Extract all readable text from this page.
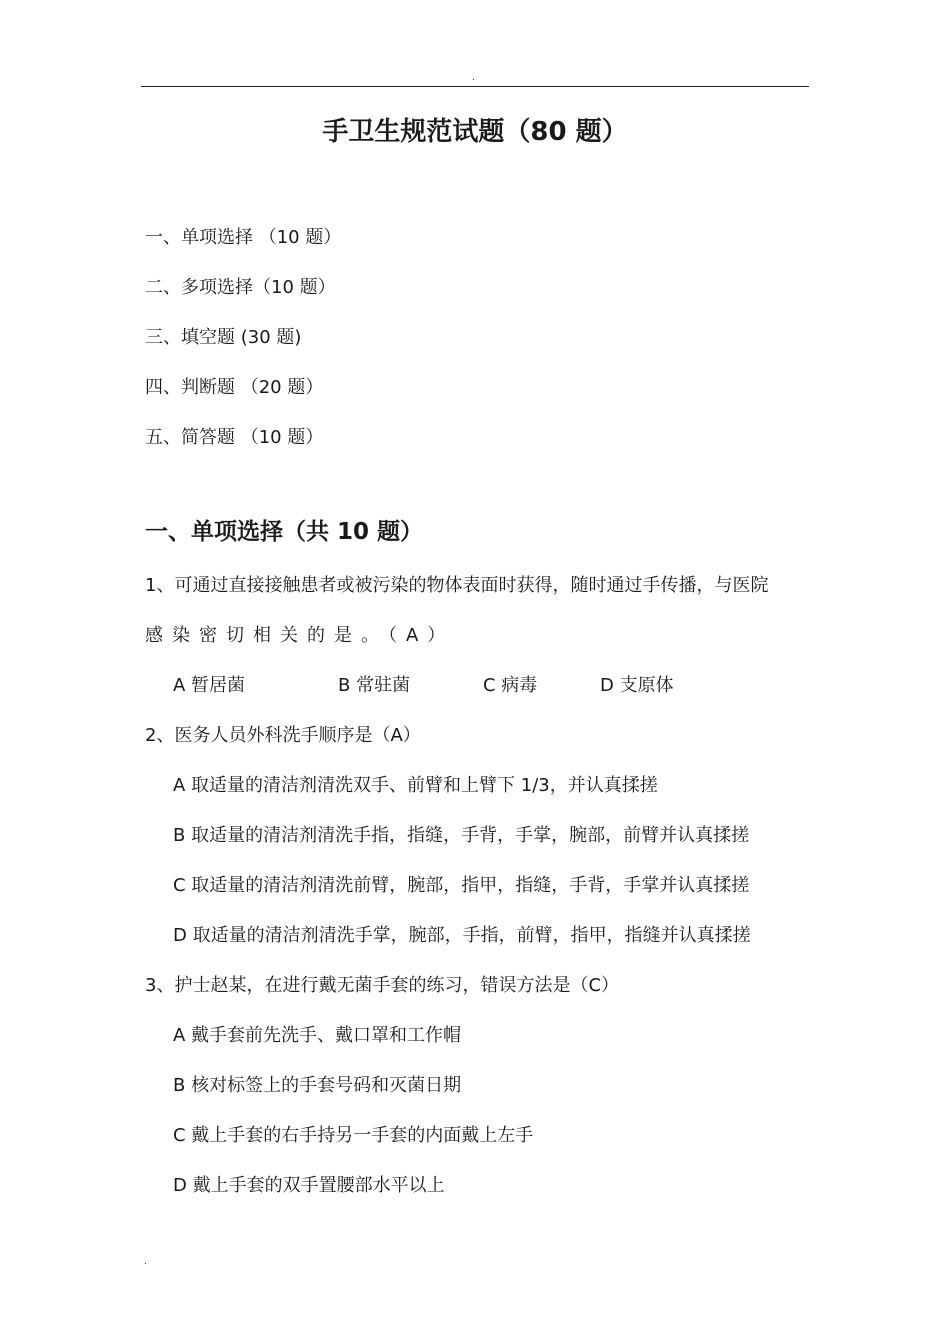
.
手卫生规范试题（80 题）
一、单项选择 （10 题）
二、多项选择（10 题）
三、填空题 (30 题)
四、判断题 （20 题）
五、简答题 （10 题）
一、单项选择（共 10 题）
1、可通过直接接触患者或被污染的物体表面时获得，随时通过手传播，与医院
感染密切相关的是。（A）
A 暂居菌	B 常驻菌	C 病毒	D 支原体
2、医务人员外科洗手顺序是（A）
A 取适量的清洁剂清洗双手、前臂和上臂下 1/3，并认真揉搓
B 取适量的清洁剂清洗手指，指缝，手背，手掌，腕部，前臂并认真揉搓
C 取适量的清洁剂清洗前臂，腕部，指甲，指缝，手背，手掌并认真揉搓
D 取适量的清洁剂清洗手掌，腕部，手指，前臂，指甲，指缝并认真揉搓
3、护士赵某，在进行戴无菌手套的练习，错误方法是（C）
A 戴手套前先洗手、戴口罩和工作帽
B 核对标签上的手套号码和灭菌日期
C 戴上手套的右手持另一手套的内面戴上左手
D 戴上手套的双手置腰部水平以上
.
